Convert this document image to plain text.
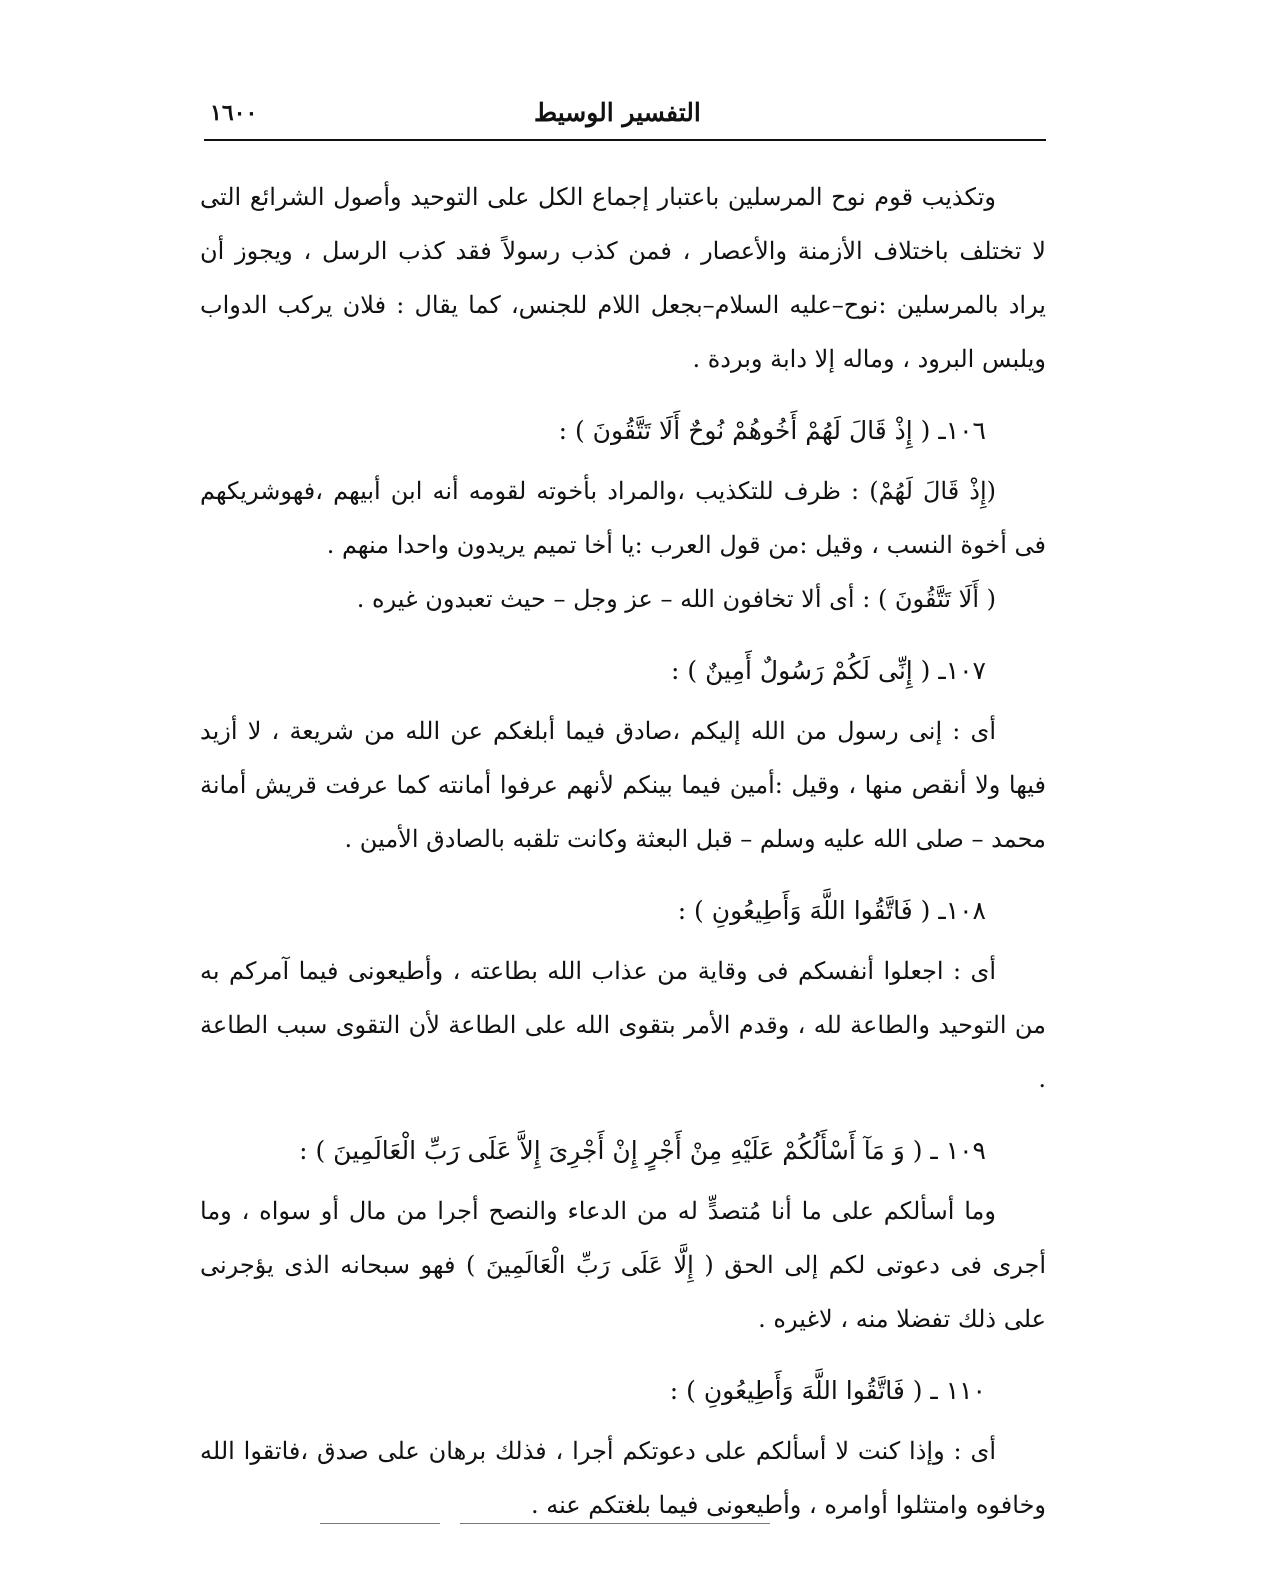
١٦٠٠	التفسير الوسيط

وتكذيب قوم نوح المرسلين باعتبار إجماع الكل على التوحيد وأصول الشرائع التى لا تختلف باختلاف الأزمنة والأعصار ، فمن كذب رسولاً فقد كذب الرسل ، ويجوز أن يراد بالمرسلين :نوح–عليه السلام–بجعل اللام للجنس، كما يقال : فلان يركب الدواب ويلبس البرود ، وماله إلا دابة وبردة .

١٠٦ـ ( إِذْ قَالَ لَهُمْ أَخُوهُمْ نُوحٌ أَلَا تَتَّقُونَ ) :

(إِذْ قَالَ لَهُمْ) : ظرف للتكذيب ،والمراد بأخوته لقومه أنه ابن أبيهم ،فهوشريكهم فى أخوة النسب ، وقيل :من قول العرب :يا أخا تميم يريدون واحدا منهم .

( أَلَا تَتَّقُونَ ) : أى ألا تخافون الله – عز وجل – حيث تعبدون غيره .

١٠٧ـ ( إِنِّى لَكُمْ رَسُولٌ أَمِينٌ ) :

أى : إنى رسول من الله إليكم ،صادق فيما أبلغكم عن الله من شريعة ، لا أزيد فيها ولا أنقص منها ، وقيل :أمين فيما بينكم لأنهم عرفوا أمانته كما عرفت قريش أمانة محمد – صلى الله عليه وسلم – قبل البعثة وكانت تلقبه بالصادق الأمين .

١٠٨ـ ( فَاتَّقُوا اللَّهَ وَأَطِيعُونِ ) :

أى : اجعلوا أنفسكم فى وقاية من عذاب الله بطاعته ، وأطيعونى فيما آمركم به من التوحيد والطاعة لله ، وقدم الأمر بتقوى الله على الطاعة لأن التقوى سبب الطاعة .

١٠٩ ـ ( وَ مَآ أَسْأَلُكُمْ عَلَيْهِ مِنْ أَجْرٍ إِنْ أَجْرِىَ إِلاَّ عَلَى رَبِّ الْعَالَمِينَ ) :

وما أسألكم على ما أنا مُتصدٍّ له من الدعاء والنصح أجرا من مال أو سواه ، وما أجرى فى دعوتى لكم إلى الحق ( إِلَّا عَلَى رَبِّ الْعَالَمِينَ ) فهو سبحانه الذى يؤجرنى على ذلك تفضلا منه ، لاغيره .

١١٠ ـ ( فَاتَّقُوا اللَّهَ وَأَطِيعُونِ ) :

أى : وإذا كنت لا أسألكم على دعوتكم أجرا ، فذلك برهان على صدق ،فاتقوا الله وخافوه وامتثلوا أوامره ، وأطيعونى فيما بلغتكم عنه .
